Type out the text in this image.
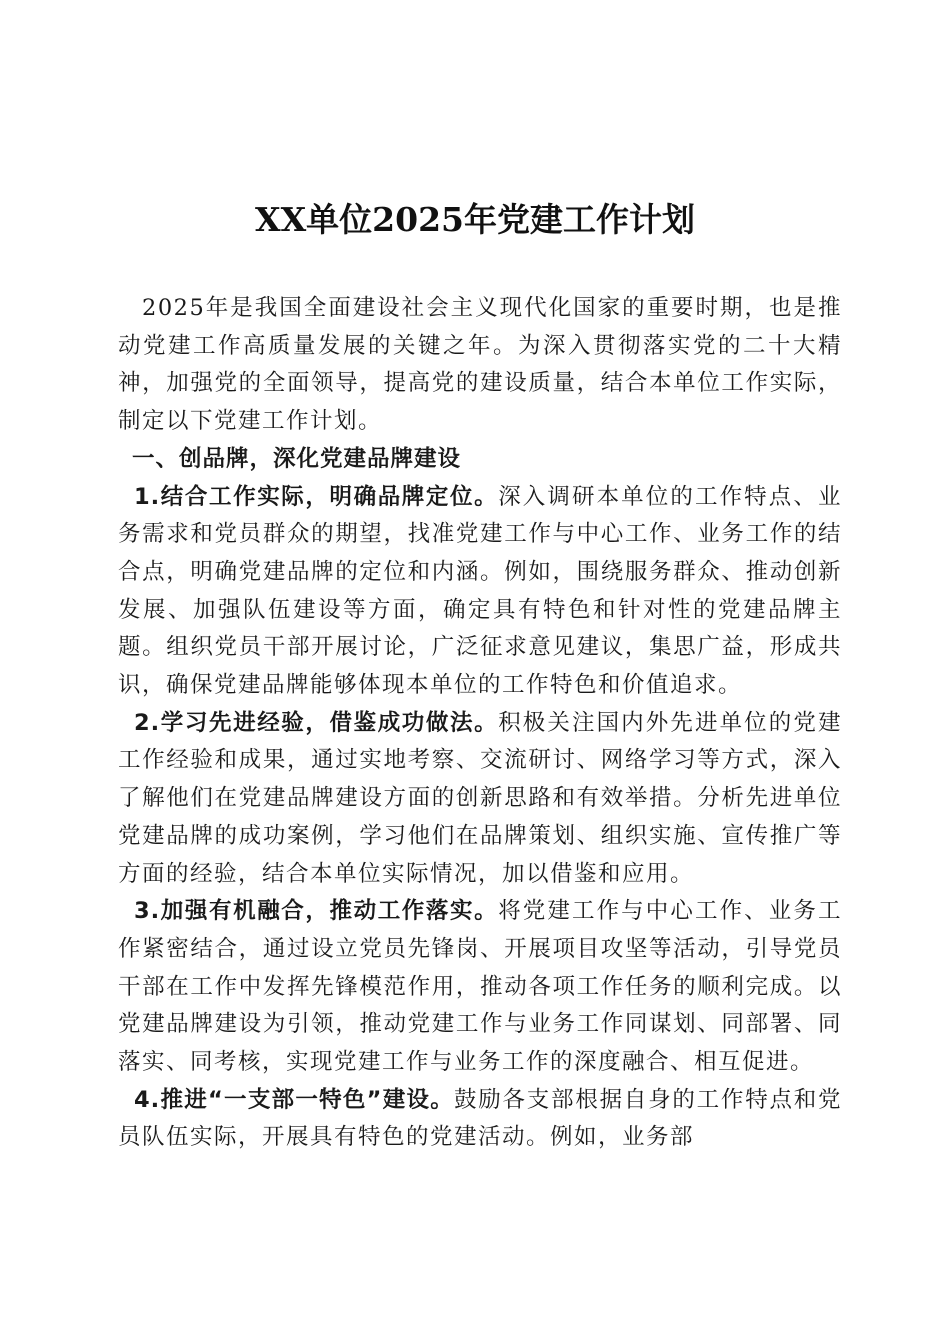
XX单位2025年党建工作计划

2025年是我国全面建设社会主义现代化国家的重要时期，也是推动党建工作高质量发展的关键之年。为深入贯彻落实党的二十大精神，加强党的全面领导，提高党的建设质量，结合本单位工作实际，制定以下党建工作计划。

一、创品牌，深化党建品牌建设

1.结合工作实际，明确品牌定位。深入调研本单位的工作特点、业务需求和党员群众的期望，找准党建工作与中心工作、业务工作的结合点，明确党建品牌的定位和内涵。例如，围绕服务群众、推动创新发展、加强队伍建设等方面，确定具有特色和针对性的党建品牌主题。组织党员干部开展讨论，广泛征求意见建议，集思广益，形成共识，确保党建品牌能够体现本单位的工作特色和价值追求。

2.学习先进经验，借鉴成功做法。积极关注国内外先进单位的党建工作经验和成果，通过实地考察、交流研讨、网络学习等方式，深入了解他们在党建品牌建设方面的创新思路和有效举措。分析先进单位党建品牌的成功案例，学习他们在品牌策划、组织实施、宣传推广等方面的经验，结合本单位实际情况，加以借鉴和应用。

3.加强有机融合，推动工作落实。将党建工作与中心工作、业务工作紧密结合，通过设立党员先锋岗、开展项目攻坚等活动，引导党员干部在工作中发挥先锋模范作用，推动各项工作任务的顺利完成。以党建品牌建设为引领，推动党建工作与业务工作同谋划、同部署、同落实、同考核，实现党建工作与业务工作的深度融合、相互促进。

4.推进“一支部一特色”建设。鼓励各支部根据自身的工作特点和党员队伍实际，开展具有特色的党建活动。例如，业务部
